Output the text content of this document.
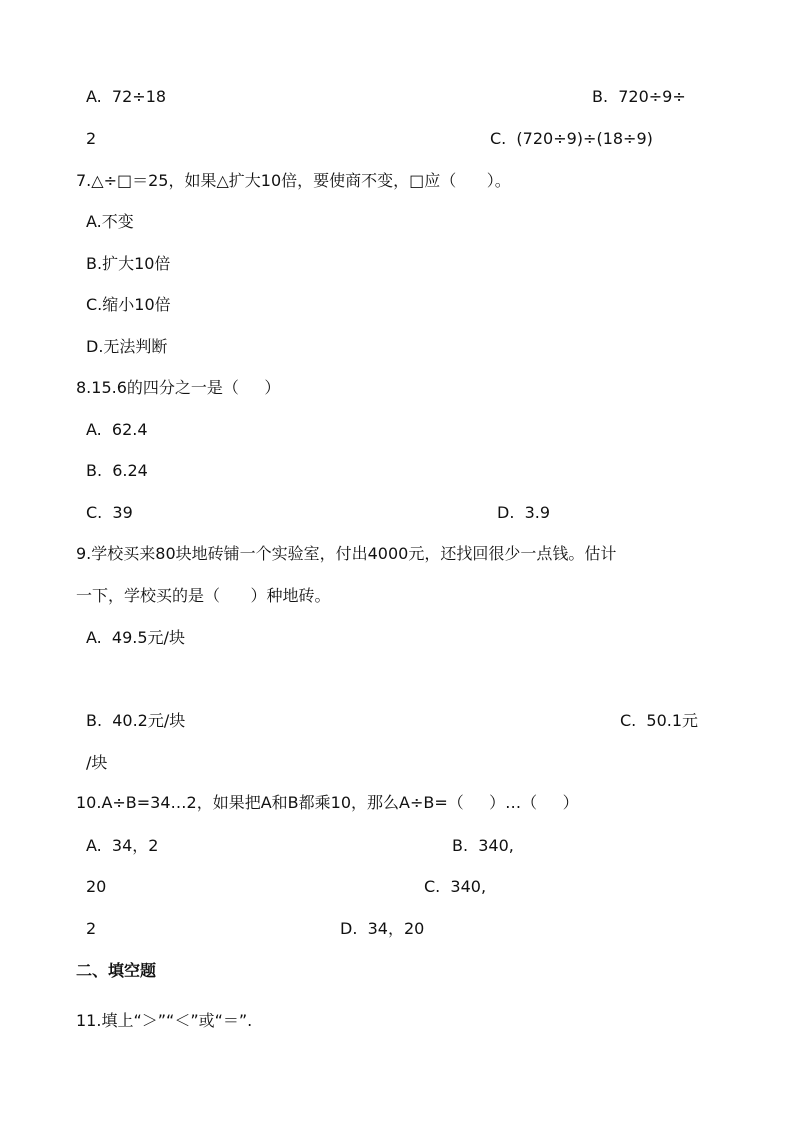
A.  72÷18	B.  720÷9÷
2	C.  (720÷9)÷(18÷9)
7.△÷□＝25，如果△扩大10倍，要使商不变，□应（      ）。
A.不变
B.扩大10倍
C.缩小10倍
D.无法判断
8.15.6的四分之一是（     ）
A.  62.4
B.  6.24
C.  39	D.  3.9
9.学校买来80块地砖铺一个实验室，付出4000元，还找回很少一点钱。估计
一下，学校买的是（      ）种地砖。
A.  49.5元/块
B.  40.2元/块	C.  50.1元
/块
10.A÷B=34…2，如果把A和B都乘10，那么A÷B=（     ）…（     ）
A.  34，2	B.  340,
20	C.  340,
2	D.  34，20
二、填空题
11.填上“＞”“＜”或“＝”.
